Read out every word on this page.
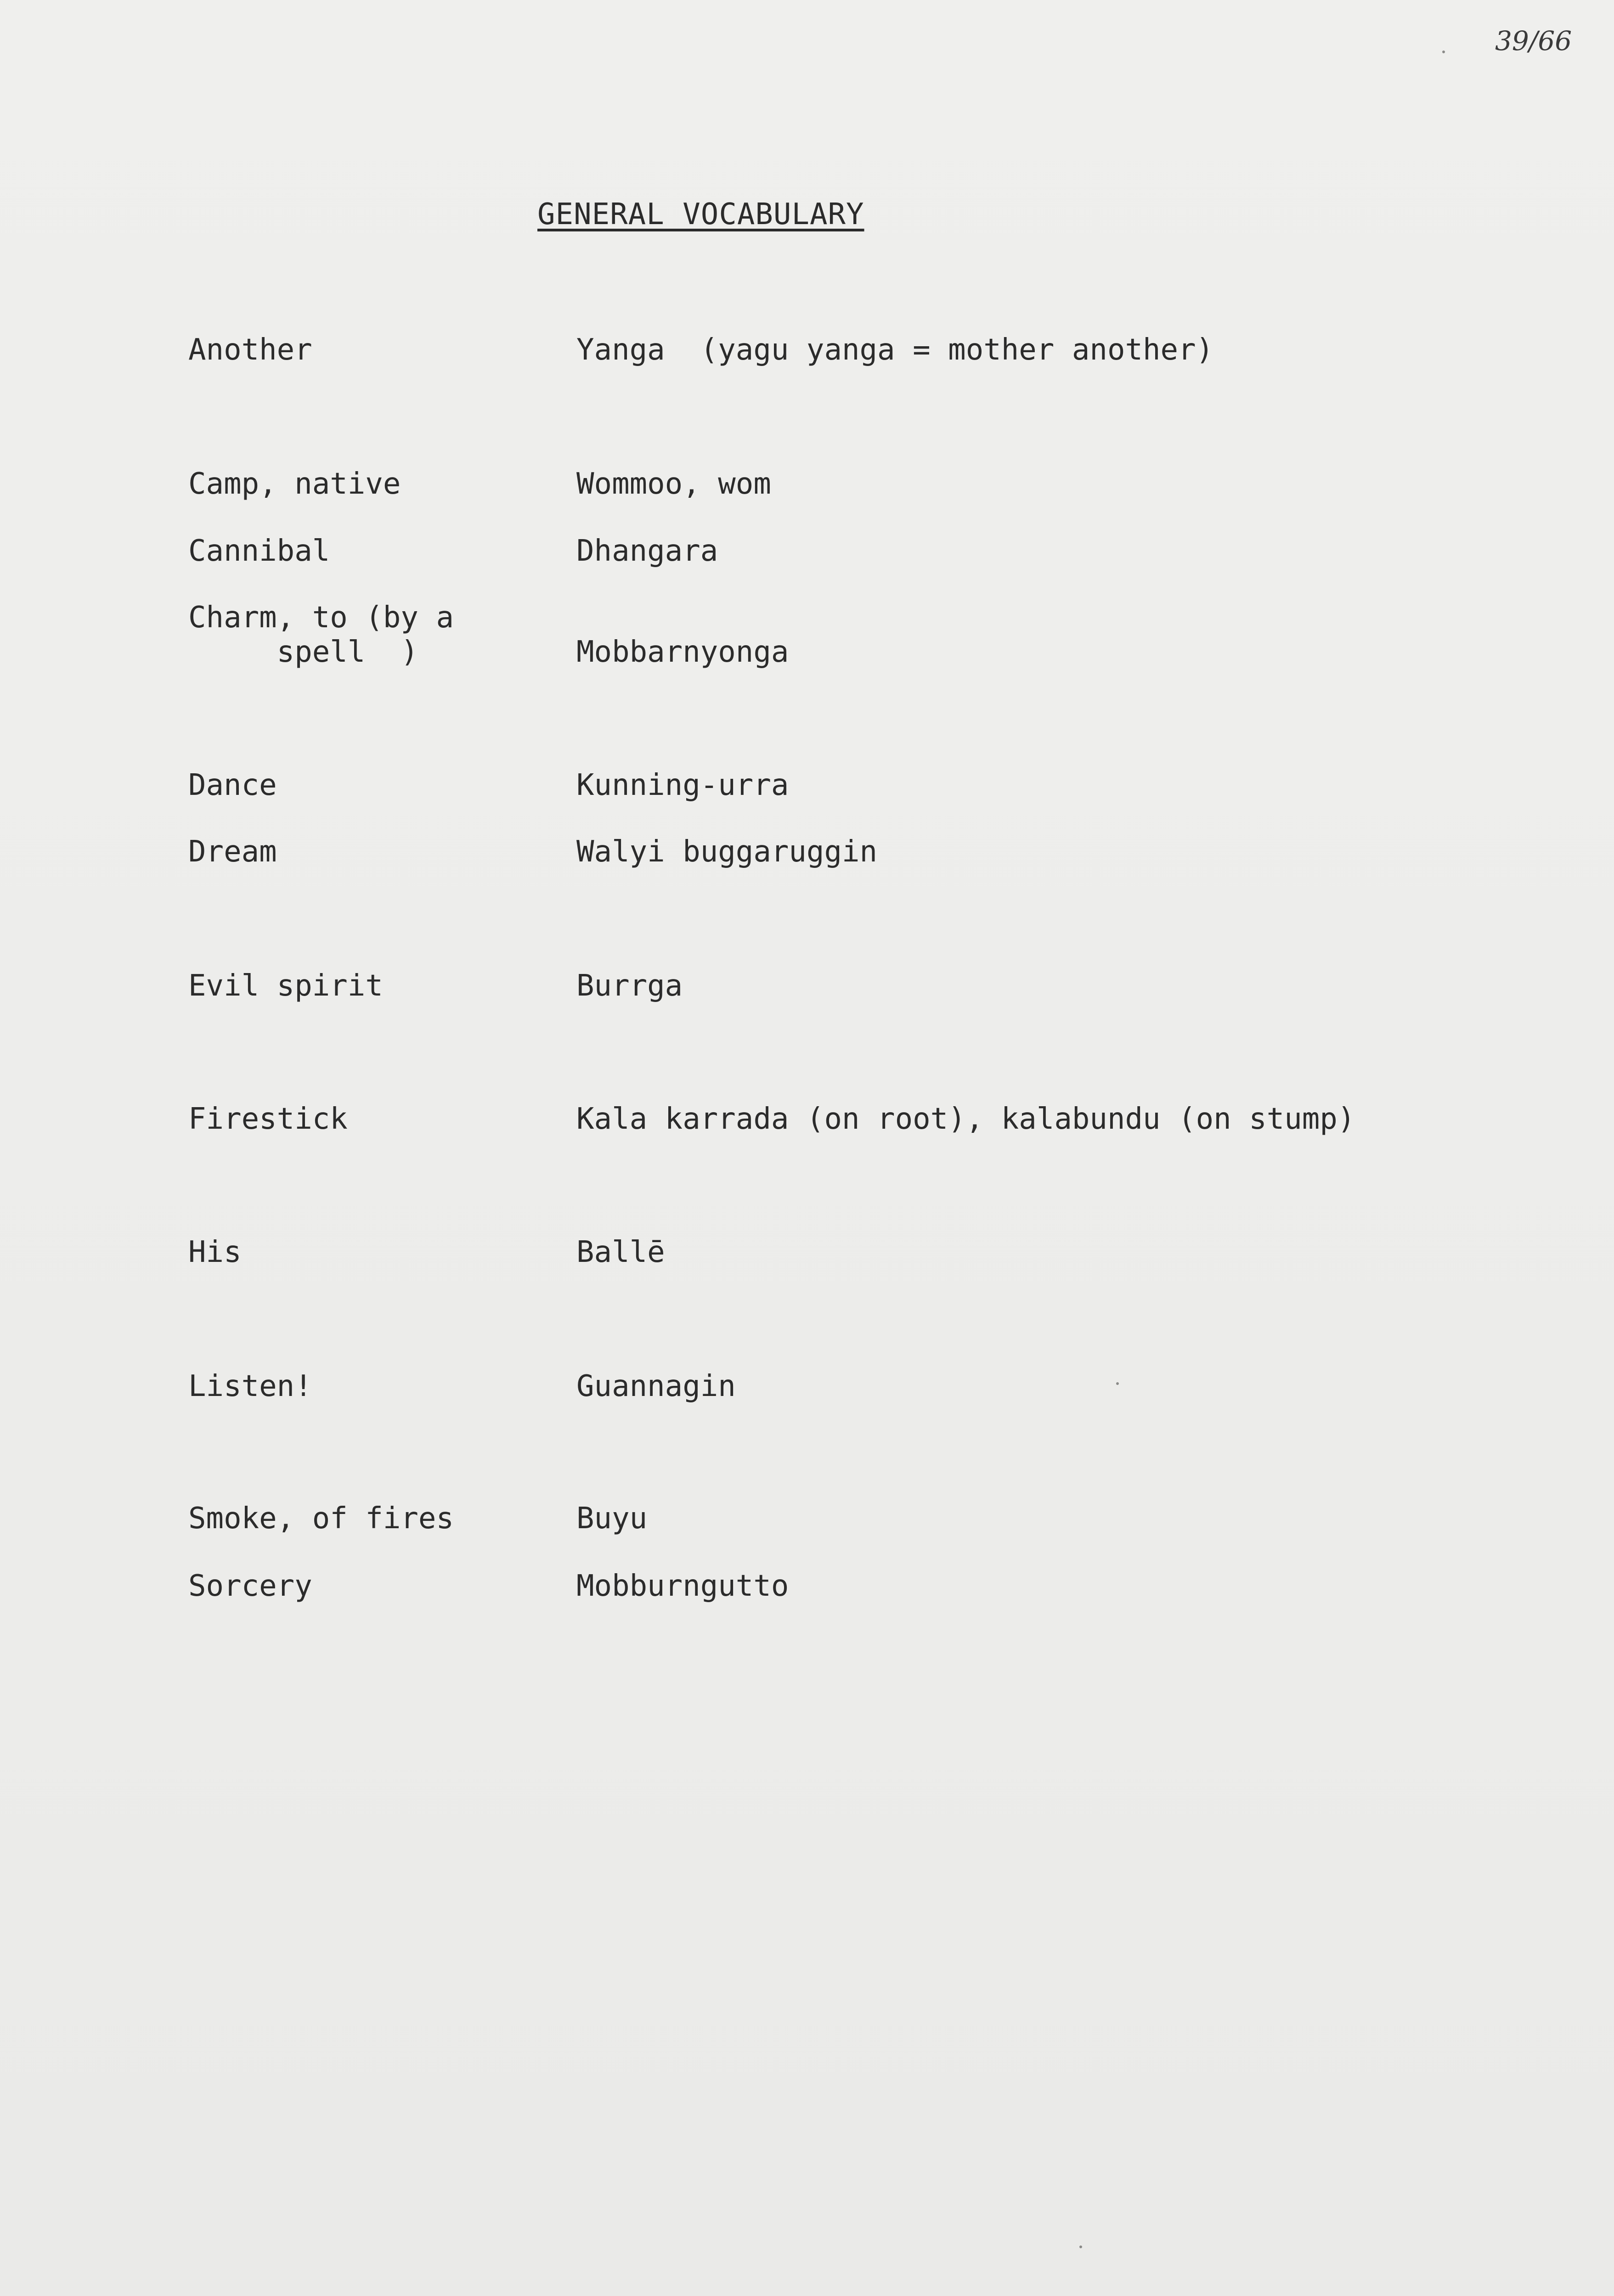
39/66
GENERAL VOCABULARY
Another	Yanga  (yagu yanga = mother another)
Camp, native	Wommoo, wom
Cannibal	Dhangara
Charm, to (by a
spell  )	Mobbarnyonga
Dance	Kunning-urra
Dream	Walyi buggaruggin
Evil spirit	Burrga
Firestick	Kala karrada (on root), kalabundu (on stump)
His	Ballē
Listen!	Guannagin
Smoke, of fires	Buyu
Sorcery	Mobburngutto
